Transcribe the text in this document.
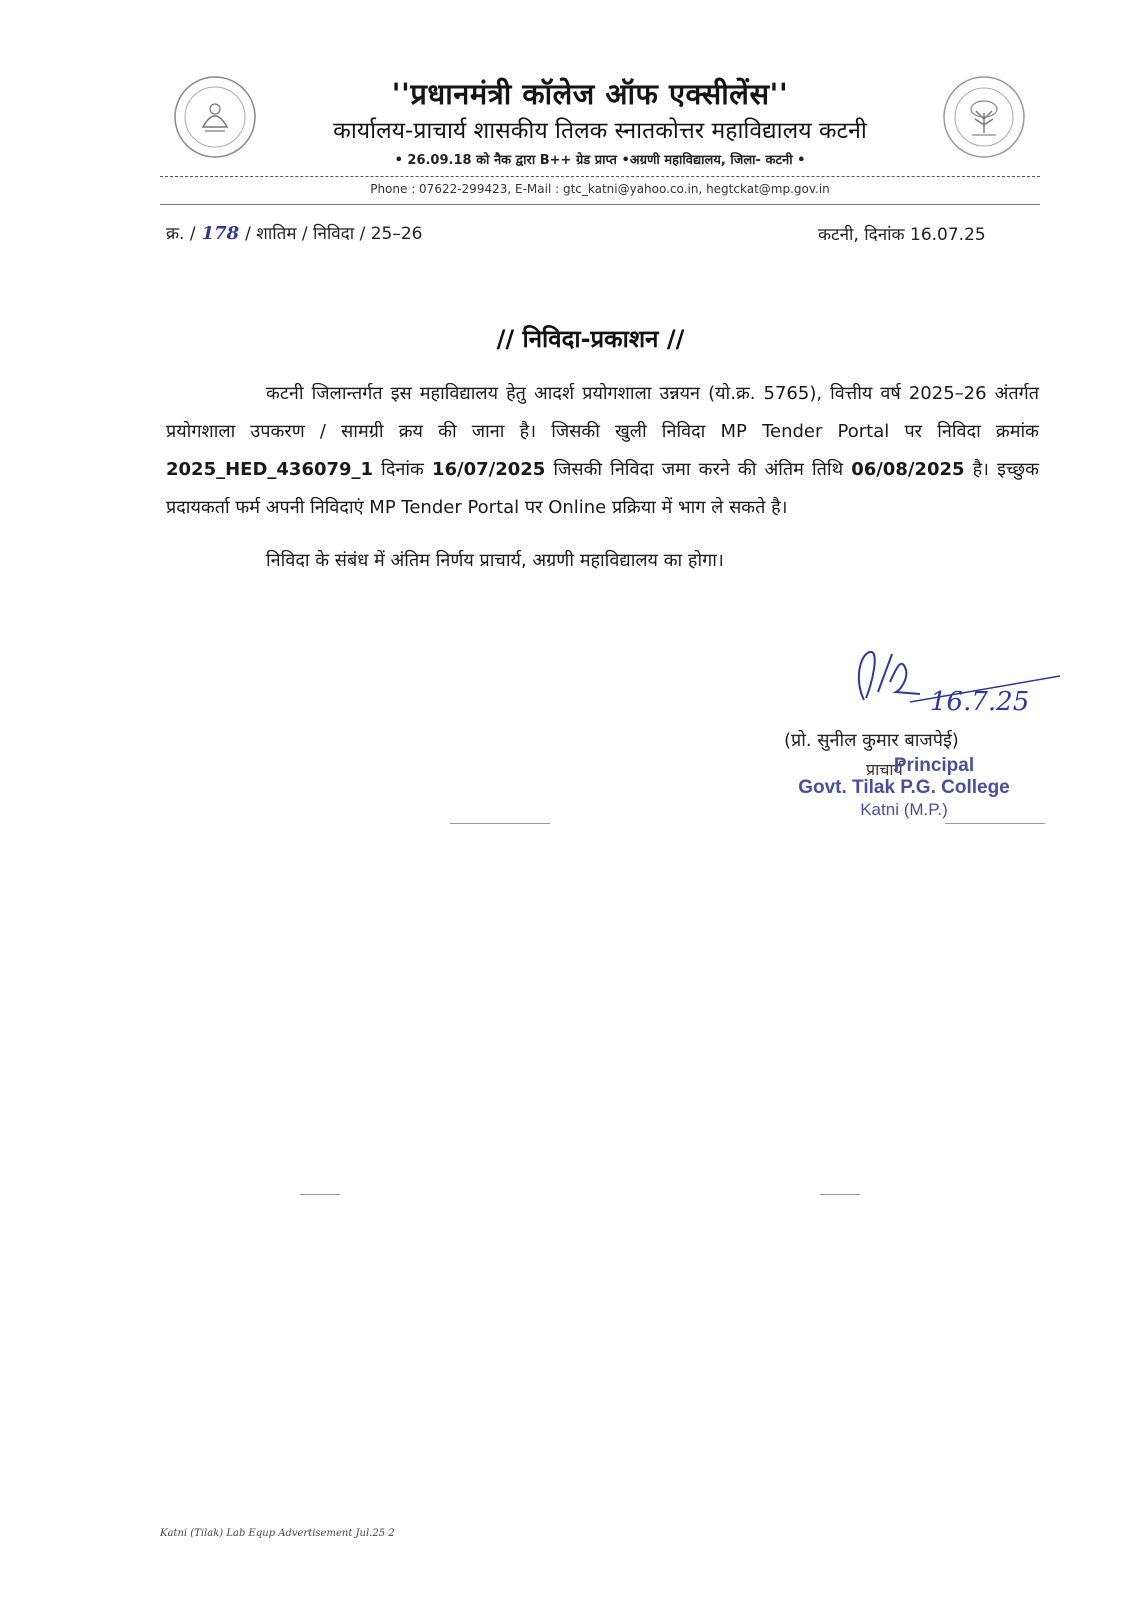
''प्रधानमंत्री कॉलेज ऑफ एक्सीलेंस''
कार्यालय-प्राचार्य शासकीय तिलक स्नातकोत्तर महाविद्यालय कटनी
• 26.09.18 को नैक द्वारा B++ ग्रेड प्राप्त •अग्रणी महाविद्यालय, जिला- कटनी •
Phone : 07622-299423, E-Mail : gtc_katni@yahoo.co.in, hegtckat@mp.gov.in
क्र. / 178 / शातिम / निविदा / 25–26	कटनी, दिनांक 16.07.25
// निविदा-प्रकाशन //

कटनी जिलान्तर्गत इस महाविद्यालय हेतु आदर्श प्रयोगशाला उन्नयन (यो.क्र. 5765), वित्तीय वर्ष 2025–26 अंतर्गत प्रयोगशाला उपकरण / सामग्री क्रय की जाना है। जिसकी खुली निविदा MP Tender Portal पर निविदा क्रमांक 2025_HED_436079_1 दिनांक 16/07/2025 जिसकी निविदा जमा करने की अंतिम तिथि 06/08/2025 है। इच्छुक प्रदायकर्ता फर्म अपनी निविदाएं MP Tender Portal पर Online प्रक्रिया में भाग ले सकते है।

निविदा के संबंध में अंतिम निर्णय प्राचार्य, अग्रणी महाविद्यालय का होगा।

16.7.25
(प्रो. सुनील कुमार बाजपेई)
प्राचार्य
Principal
Govt. Tilak P.G. College
Katni (M.P.)
Katni (Tilak) Lab Equp Advertisement Jul.25 2
